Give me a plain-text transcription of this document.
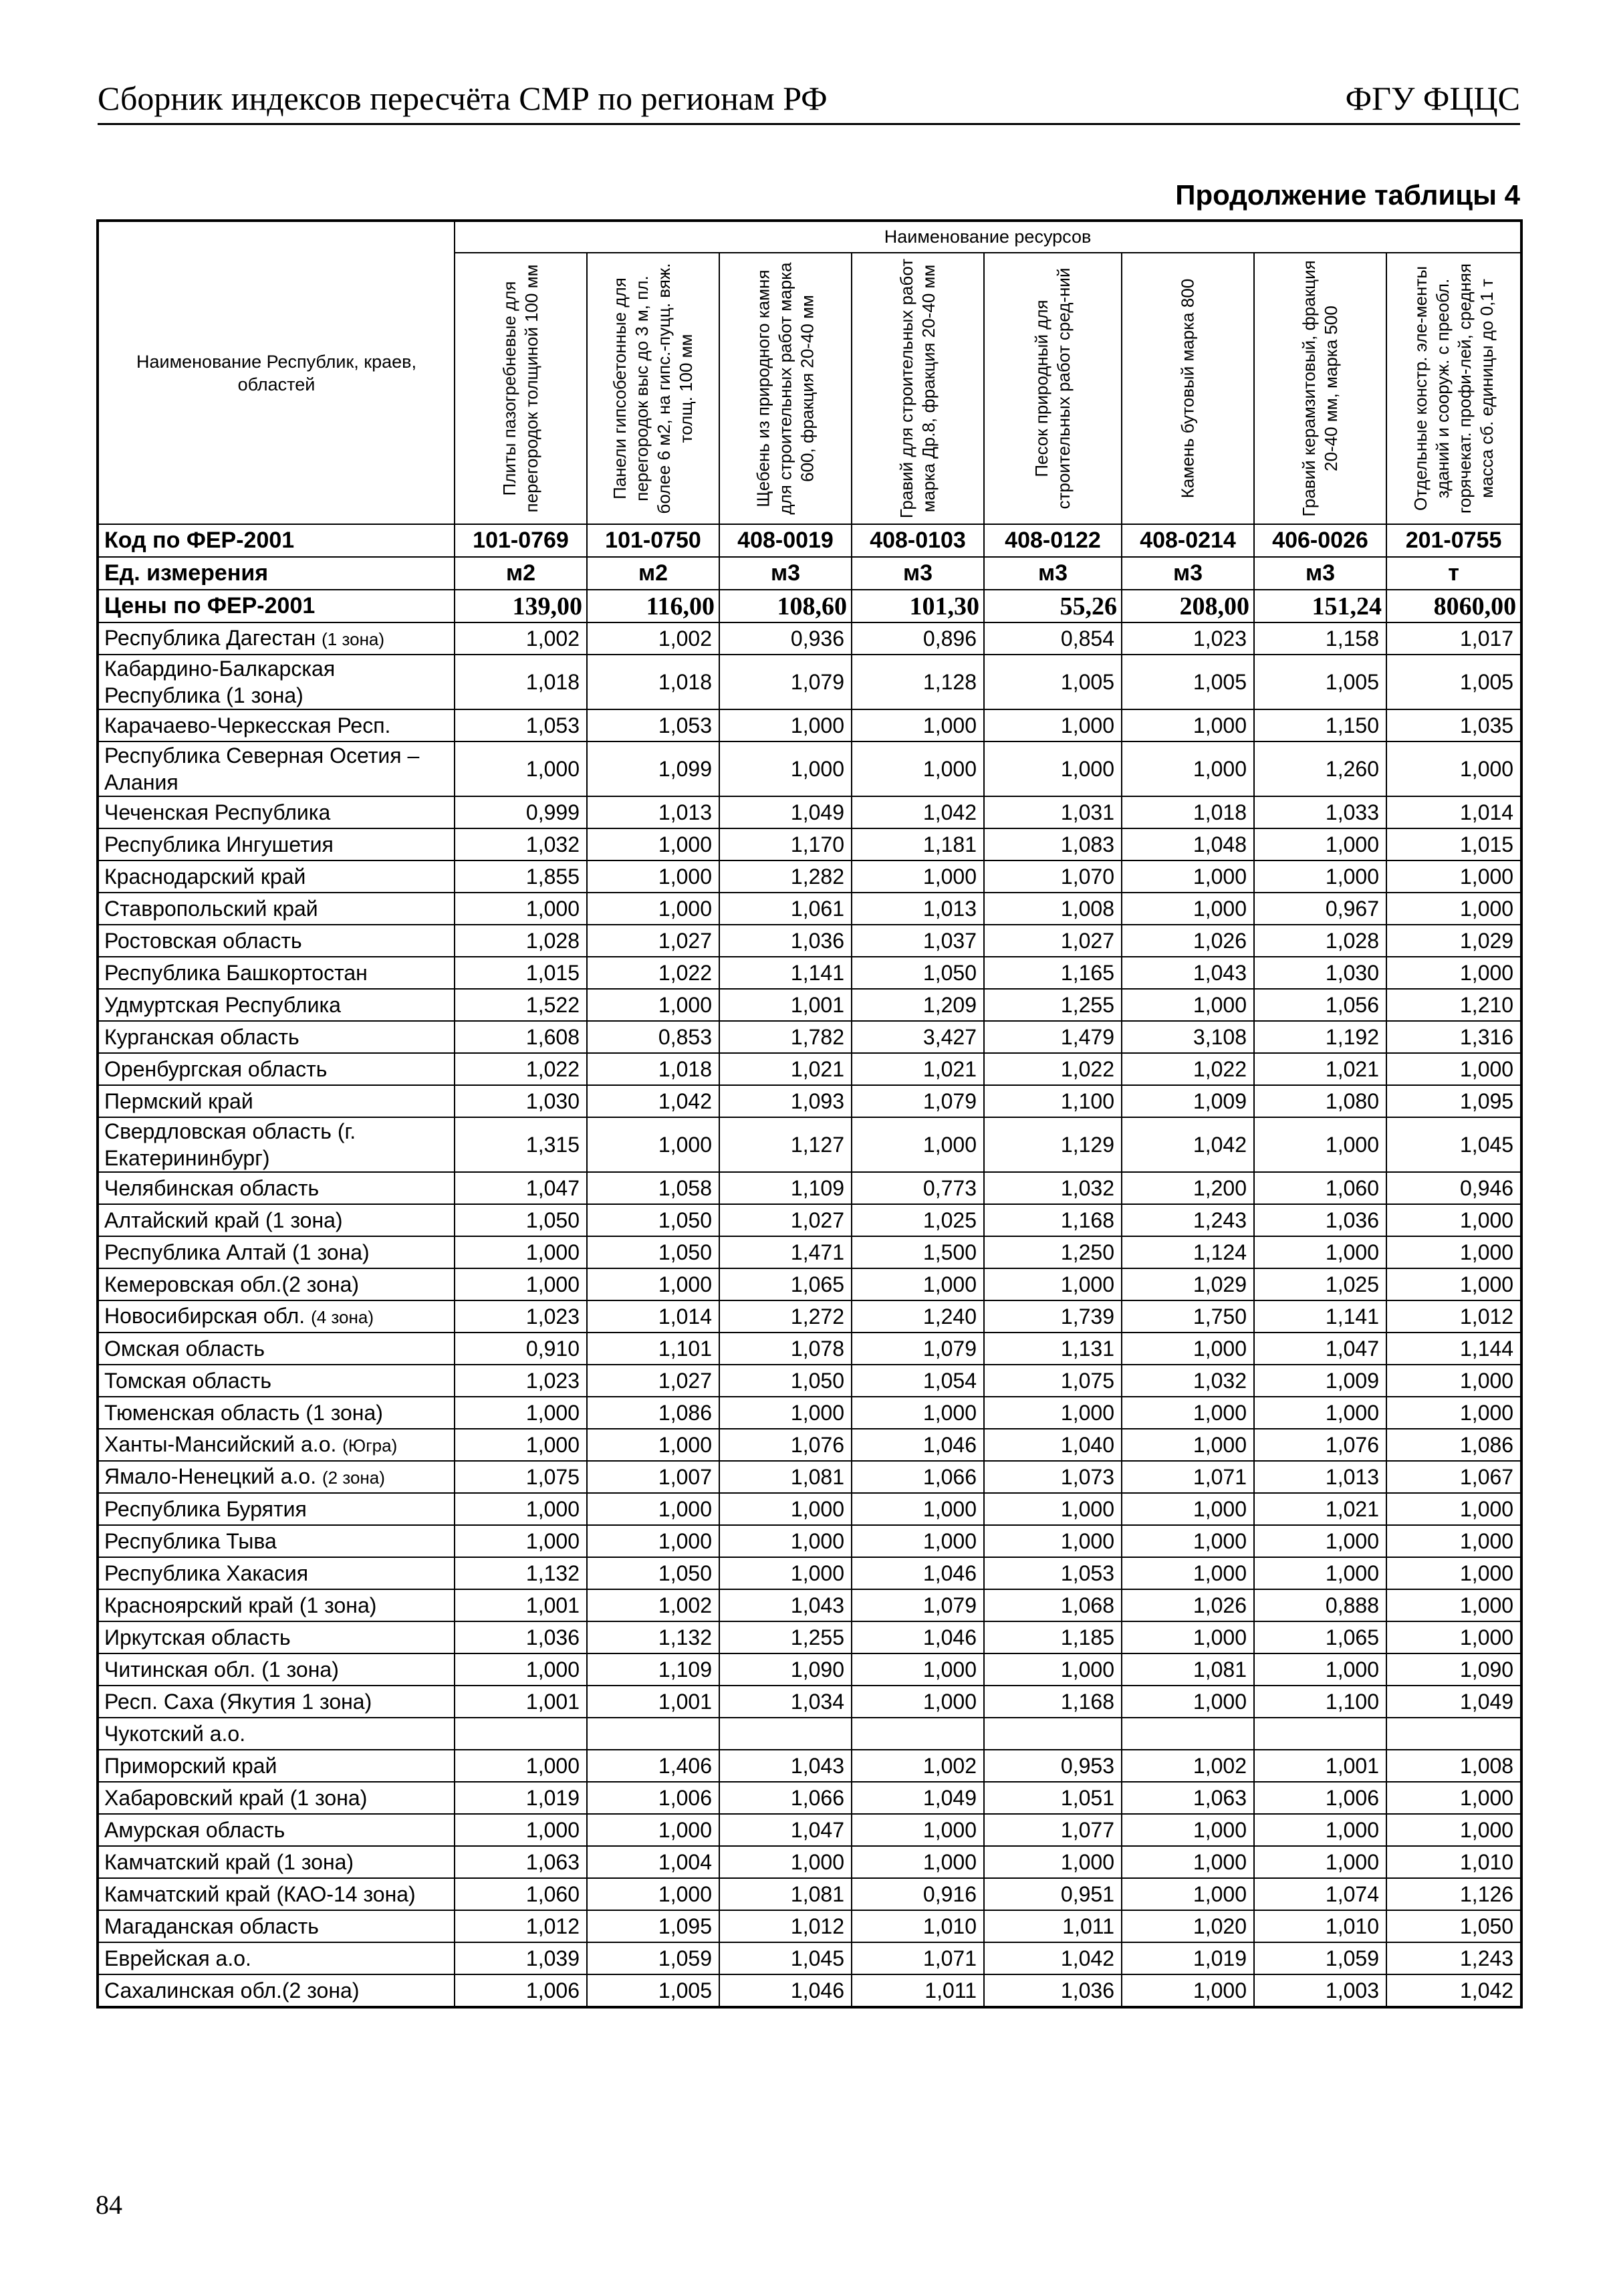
Сборник индексов пересчёта СМР по регионам РФ	ФГУ ФЦЦС
Продолжение таблицы 4
Наименование Республик, краев, областей	Наименование ресурсов							

	Плиты пазогребневые для перегородок толщиной 100 мм	Панели гипсобетонные для перегородок выс до 3 м, пл. более 6 м2, на гипс.-пуцц. вяж. толщ. 100 мм	Щебень из природного камня для строительных работ марка 600, фракция 20-40 мм	Гравий для строительных работ марка Др.8, фракция 20-40 мм	Песок природный для строительных работ сред-ний	Камень бутовый марка 800	Гравий керамзитовый, фракция 20-40 мм, марка 500	Отдельные констр. эле-менты зданий и сооруж. с преобл. горячекат. профи-лей, средняя масса сб. единицы до 0,1 т

Код по ФЕР-2001	101-0769	101-0750	408-0019	408-0103	408-0122	408-0214	406-0026	201-0755
Ед. измерения	м2	м2	м3	м3	м3	м3	м3	т
Цены по ФЕР-2001	139,00	116,00	108,60	101,30	55,26	208,00	151,24	8060,00
Республика Дагестан (1 зона)	1,002	1,002	0,936	0,896	0,854	1,023	1,158	1,017
Кабардино-Балкарская Республика (1 зона)	1,018	1,018	1,079	1,128	1,005	1,005	1,005	1,005
Карачаево-Черкесская Респ.	1,053	1,053	1,000	1,000	1,000	1,000	1,150	1,035
Республика Северная Осетия – Алания	1,000	1,099	1,000	1,000	1,000	1,000	1,260	1,000
Чеченская Республика	0,999	1,013	1,049	1,042	1,031	1,018	1,033	1,014
Республика Ингушетия	1,032	1,000	1,170	1,181	1,083	1,048	1,000	1,015
Краснодарский край	1,855	1,000	1,282	1,000	1,070	1,000	1,000	1,000
Ставропольский край	1,000	1,000	1,061	1,013	1,008	1,000	0,967	1,000
Ростовская область	1,028	1,027	1,036	1,037	1,027	1,026	1,028	1,029
Республика Башкортостан	1,015	1,022	1,141	1,050	1,165	1,043	1,030	1,000
Удмуртская Республика	1,522	1,000	1,001	1,209	1,255	1,000	1,056	1,210
Курганская область	1,608	0,853	1,782	3,427	1,479	3,108	1,192	1,316
Оренбургская область	1,022	1,018	1,021	1,021	1,022	1,022	1,021	1,000
Пермский край	1,030	1,042	1,093	1,079	1,100	1,009	1,080	1,095
Свердловская область (г. Екатерининбург)	1,315	1,000	1,127	1,000	1,129	1,042	1,000	1,045
Челябинская область	1,047	1,058	1,109	0,773	1,032	1,200	1,060	0,946
Алтайский край (1 зона)	1,050	1,050	1,027	1,025	1,168	1,243	1,036	1,000
Республика Алтай (1 зона)	1,000	1,050	1,471	1,500	1,250	1,124	1,000	1,000
Кемеровская обл.(2 зона)	1,000	1,000	1,065	1,000	1,000	1,029	1,025	1,000
Новосибирская обл. (4 зона)	1,023	1,014	1,272	1,240	1,739	1,750	1,141	1,012
Омская область	0,910	1,101	1,078	1,079	1,131	1,000	1,047	1,144
Томская область	1,023	1,027	1,050	1,054	1,075	1,032	1,009	1,000
Тюменская область (1 зона)	1,000	1,086	1,000	1,000	1,000	1,000	1,000	1,000
Ханты-Мансийский а.о. (Югра)	1,000	1,000	1,076	1,046	1,040	1,000	1,076	1,086
Ямало-Ненецкий а.о. (2 зона)	1,075	1,007	1,081	1,066	1,073	1,071	1,013	1,067
Республика Бурятия	1,000	1,000	1,000	1,000	1,000	1,000	1,021	1,000
Республика Тыва	1,000	1,000	1,000	1,000	1,000	1,000	1,000	1,000
Республика Хакасия	1,132	1,050	1,000	1,046	1,053	1,000	1,000	1,000
Красноярский край (1 зона)	1,001	1,002	1,043	1,079	1,068	1,026	0,888	1,000
Иркутская область	1,036	1,132	1,255	1,046	1,185	1,000	1,065	1,000
Читинская обл. (1 зона)	1,000	1,109	1,090	1,000	1,000	1,081	1,000	1,090
Респ. Саха (Якутия 1 зона)	1,001	1,001	1,034	1,000	1,168	1,000	1,100	1,049
Чукотский а.о.								
Приморский край	1,000	1,406	1,043	1,002	0,953	1,002	1,001	1,008
Хабаровский край (1 зона)	1,019	1,006	1,066	1,049	1,051	1,063	1,006	1,000
Амурская область	1,000	1,000	1,047	1,000	1,077	1,000	1,000	1,000
Камчатский край (1 зона)	1,063	1,004	1,000	1,000	1,000	1,000	1,000	1,010
Камчатский край (КАО-14 зона)	1,060	1,000	1,081	0,916	0,951	1,000	1,074	1,126
Магаданская область	1,012	1,095	1,012	1,010	1,011	1,020	1,010	1,050
Еврейская а.о.	1,039	1,059	1,045	1,071	1,042	1,019	1,059	1,243
Сахалинская обл.(2 зона)	1,006	1,005	1,046	1,011	1,036	1,000	1,003	1,042
84
